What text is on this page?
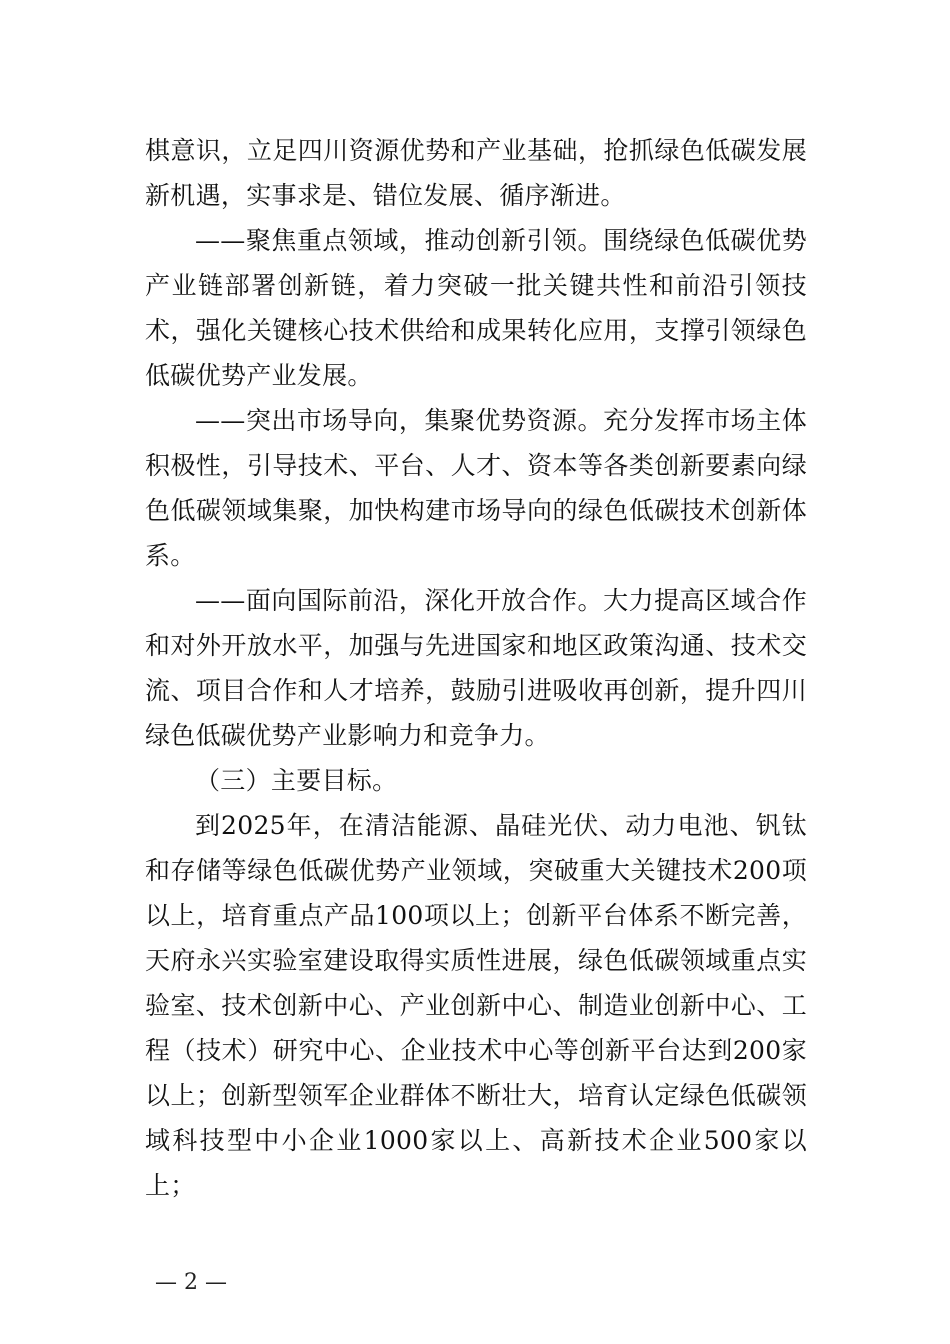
棋意识，立足四川资源优势和产业基础，抢抓绿色低碳发展新机遇，实事求是、错位发展、循序渐进。

——聚焦重点领域，推动创新引领。围绕绿色低碳优势产业链部署创新链，着力突破一批关键共性和前沿引领技术，强化关键核心技术供给和成果转化应用，支撑引领绿色低碳优势产业发展。

——突出市场导向，集聚优势资源。充分发挥市场主体积极性，引导技术、平台、人才、资本等各类创新要素向绿色低碳领域集聚，加快构建市场导向的绿色低碳技术创新体系。

——面向国际前沿，深化开放合作。大力提高区域合作和对外开放水平，加强与先进国家和地区政策沟通、技术交流、项目合作和人才培养，鼓励引进吸收再创新，提升四川绿色低碳优势产业影响力和竞争力。

（三）主要目标。

到2025年，在清洁能源、晶硅光伏、动力电池、钒钛和存储等绿色低碳优势产业领域，突破重大关键技术200项以上，培育重点产品100项以上；创新平台体系不断完善，天府永兴实验室建设取得实质性进展，绿色低碳领域重点实验室、技术创新中心、产业创新中心、制造业创新中心、工程（技术）研究中心、企业技术中心等创新平台达到200家以上；创新型领军企业群体不断壮大，培育认定绿色低碳领域科技型中小企业1000家以上、高新技术企业500家以上；

— 2 —
